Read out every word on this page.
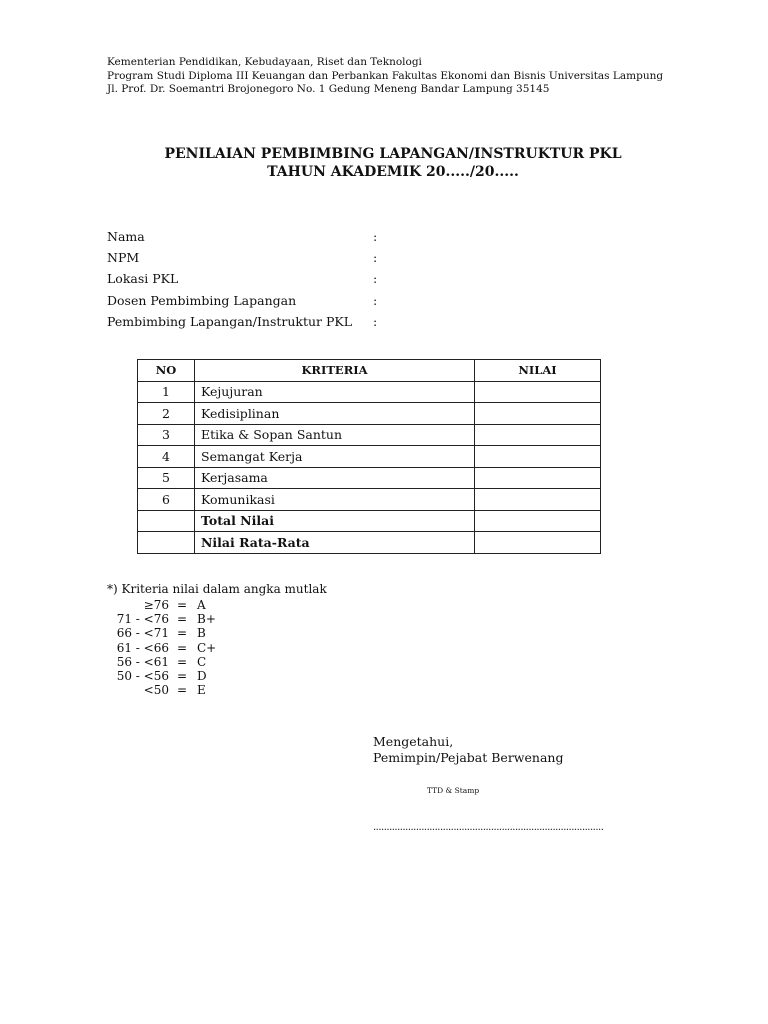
Kementerian Pendidikan, Kebudayaan, Riset dan Teknologi
Program Studi Diploma III Keuangan dan Perbankan Fakultas Ekonomi dan Bisnis Universitas Lampung
Jl. Prof. Dr. Soemantri Brojonegoro No. 1 Gedung Meneng Bandar Lampung 35145
PENILAIAN PEMBIMBING LAPANGAN/INSTRUKTUR PKL
TAHUN AKADEMIK 20...../20.....
Nama	:
NPM	:
Lokasi PKL	:
Dosen Pembimbing Lapangan	:
Pembimbing Lapangan/Instruktur PKL :
NO	KRITERIA	NILAI
1	Kejujuran	
2	Kedisiplinan	
3	Etika & Sopan Santun	
4	Semangat Kerja	
5	Kerjasama	
6	Komunikasi	
	Total Nilai	
	Nilai Rata-Rata	
*) Kriteria nilai dalam angka mutlak
≥76 = A
71 - <76 = B+
66 - <71 = B
61 - <66 = C+
56 - <61 = C
50 - <56 = D
<50 = E
Mengetahui,
Pemimpin/Pejabat Berwenang
TTD & Stamp
......................................................................................
